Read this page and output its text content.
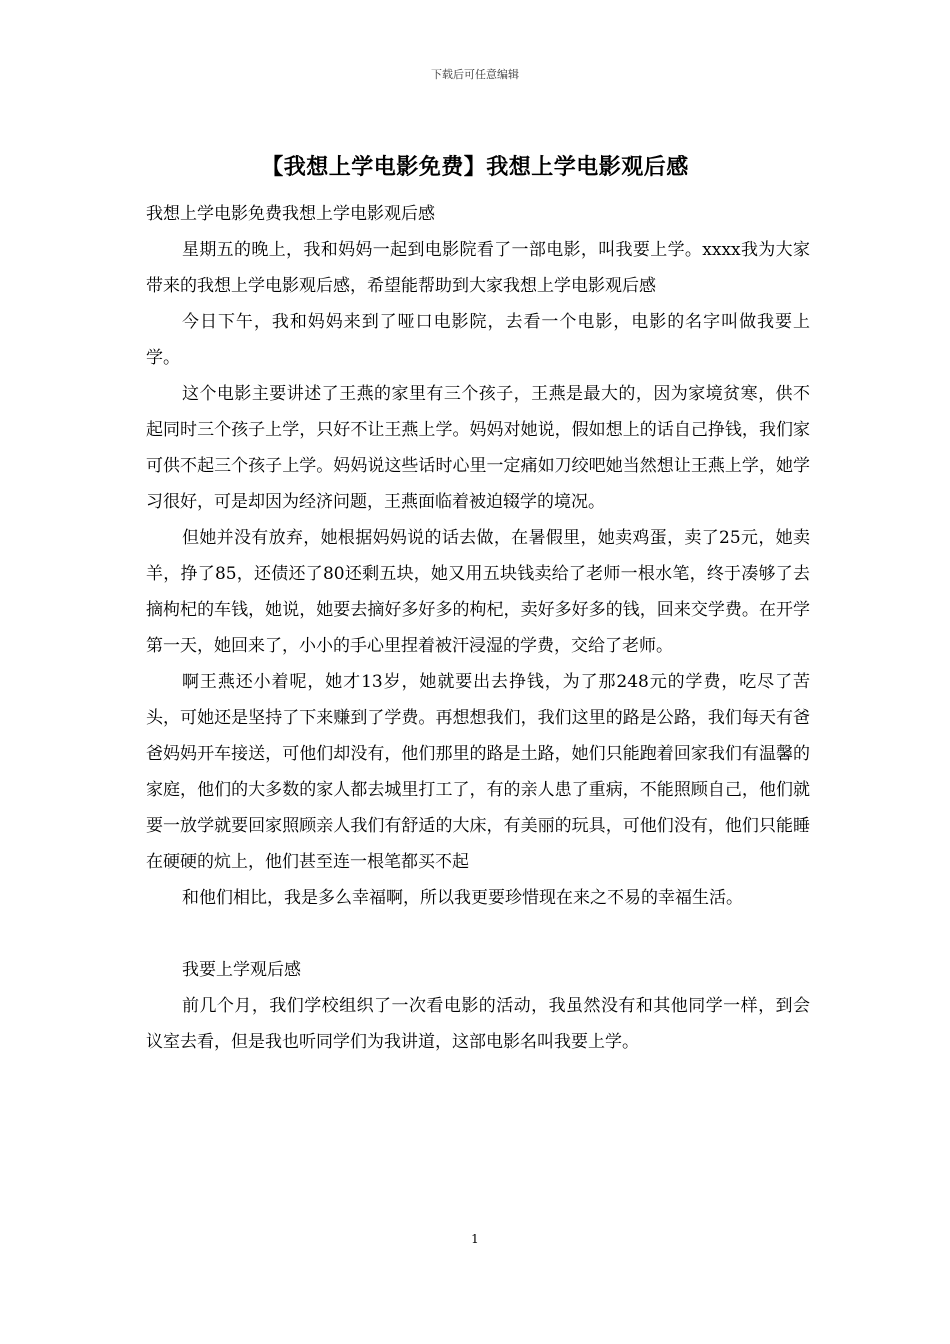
下载后可任意编辑
【我想上学电影免费】我想上学电影观后感

我想上学电影免费我想上学电影观后感

星期五的晚上，我和妈妈一起到电影院看了一部电影，叫我要上学。xxxx我为大家带来的我想上学电影观后感，希望能帮助到大家我想上学电影观后感

今日下午，我和妈妈来到了哑口电影院，去看一个电影，电影的名字叫做我要上学。

这个电影主要讲述了王燕的家里有三个孩子，王燕是最大的，因为家境贫寒，供不起同时三个孩子上学，只好不让王燕上学。妈妈对她说，假如想上的话自己挣钱，我们家可供不起三个孩子上学。妈妈说这些话时心里一定痛如刀绞吧她当然想让王燕上学，她学习很好，可是却因为经济问题，王燕面临着被迫辍学的境况。

但她并没有放弃，她根据妈妈说的话去做，在暑假里，她卖鸡蛋，卖了25元，她卖羊，挣了85，还债还了80还剩五块，她又用五块钱卖给了老师一根水笔，终于凑够了去摘枸杞的车钱，她说，她要去摘好多好多的枸杞，卖好多好多的钱，回来交学费。在开学第一天，她回来了，小小的手心里捏着被汗浸湿的学费，交给了老师。

啊王燕还小着呢，她才13岁，她就要出去挣钱，为了那248元的学费，吃尽了苦头，可她还是坚持了下来赚到了学费。再想想我们，我们这里的路是公路，我们每天有爸爸妈妈开车接送，可他们却没有，他们那里的路是土路，她们只能跑着回家我们有温馨的家庭，他们的大多数的家人都去城里打工了，有的亲人患了重病，不能照顾自己，他们就要一放学就要回家照顾亲人我们有舒适的大床，有美丽的玩具，可他们没有，他们只能睡在硬硬的炕上，他们甚至连一根笔都买不起

和他们相比，我是多么幸福啊，所以我更要珍惜现在来之不易的幸福生活。

我要上学观后感

前几个月，我们学校组织了一次看电影的活动，我虽然没有和其他同学一样，到会议室去看，但是我也听同学们为我讲道，这部电影名叫我要上学。

1
